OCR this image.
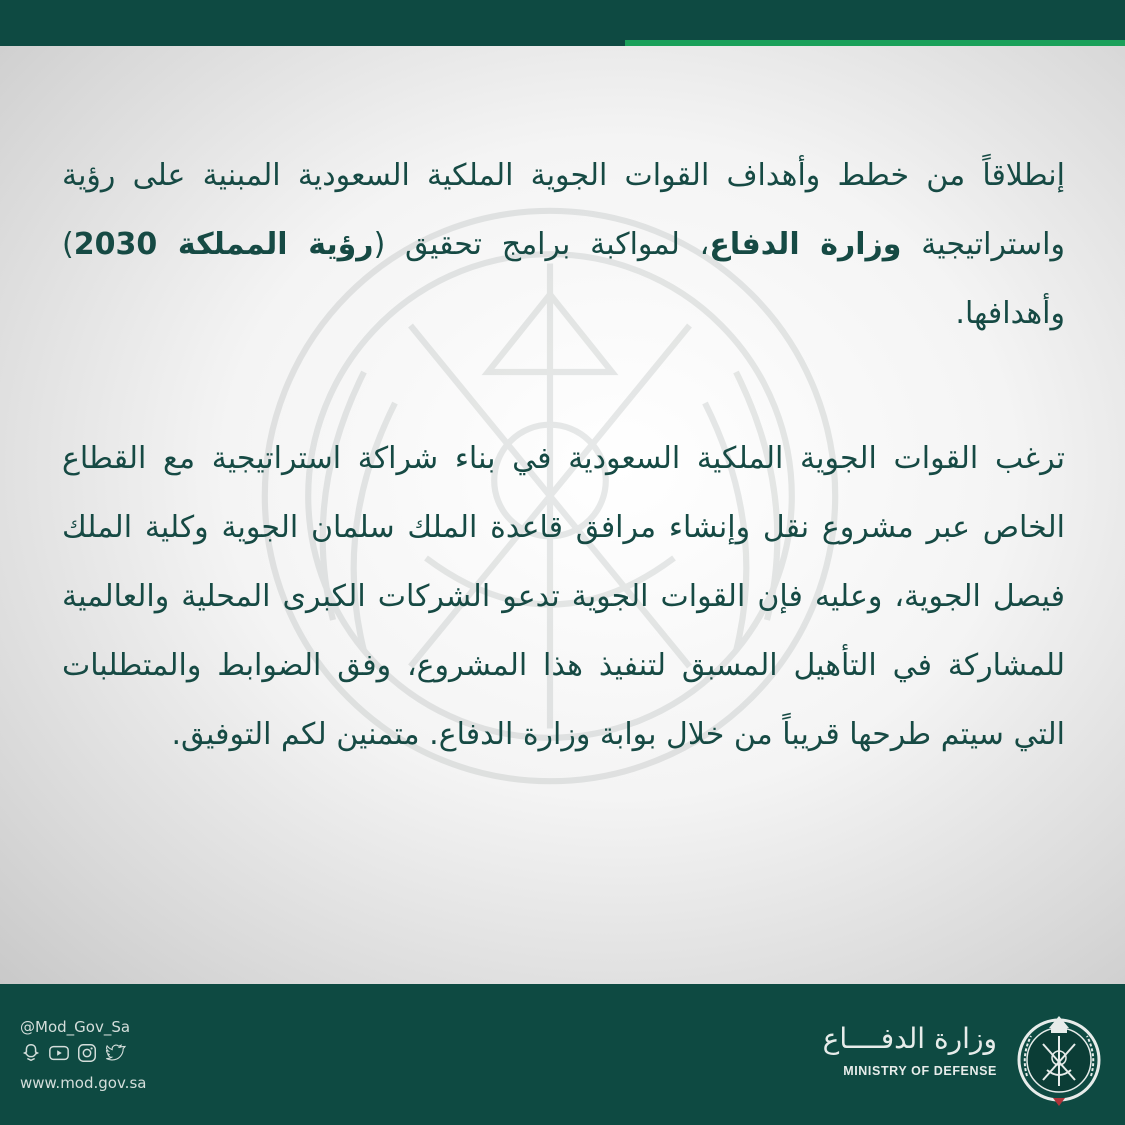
إنطلاقاً من خطط وأهداف القوات الجوية الملكية السعودية المبنية على رؤية واستراتيجية وزارة الدفاع، لمواكبة برامج تحقيق (رؤية المملكة 2030) وأهدافها.

ترغب القوات الجوية الملكية السعودية في بناء شراكة استراتيجية مع القطاع الخاص عبر مشروع نقل وإنشاء مرافق قاعدة الملك سلمان الجوية وكلية الملك فيصل الجوية، وعليه فإن القوات الجوية تدعو الشركات الكبرى المحلية والعالمية للمشاركة في التأهيل المسبق لتنفيذ هذا المشروع، وفق الضوابط والمتطلبات التي سيتم طرحها قريباً من خلال بوابة وزارة الدفاع. متمنين لكم التوفيق.

@Mod_Gov_Sa
www.mod.gov.sa
وزارة الدفــــاع
MINISTRY OF DEFENSE
